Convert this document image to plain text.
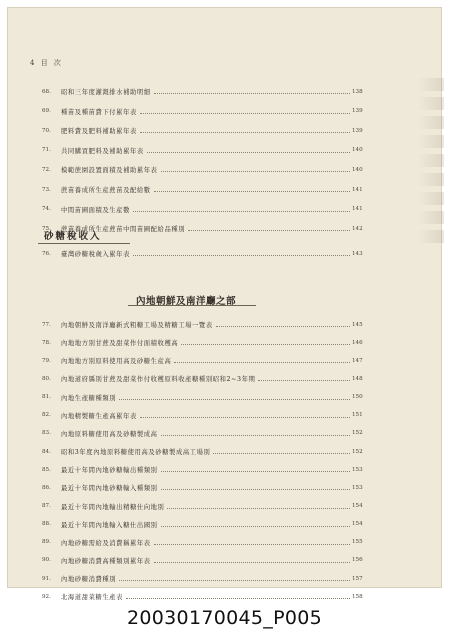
4 目 次
68.	昭和三年度灌漑排水補助明細	138
69.	種苗及種苗費下付累年表	139
70.	肥料費及肥料補助累年表	139
71.	共同購買肥料及補助累年表	140
72.	模範蔗園設置面積及補助累年表	140
73.	蔗苗養成所生産蔗苗及配給數	141
74.	中間苗圃面積及生産數	141
75.	蔗苗養成所生産蔗苗中間苗圃配給品種別	142
砂糖稅收入
76.	臺灣砂糖稅歲入累年表	143
內地朝鮮及南洋廳之部
77.	內地朝鮮及南洋廳新式粗糖工場及精糖工場一覽表	145
78.	內地地方別甘蔗及甜菜作付面積收穫高	146
79.	內地地方別原料使用高及砂糖生産高	147
80.	內地道府縣別甘蔗及甜菜作付收穫原料收產糖種別昭和2~3年期	148
81.	內地生產糖種類別	150
82.	內地精製糖生產高累年表	151
83.	內地原料糖使用高及砂糖製成高	152
84.	昭和3年度內地原料糖使用高及砂糖製成高工場別	152
85.	最近十年間內地砂糖輸出種類別	153
86.	最近十年間內地砂糖輸入種類別	153
87.	最近十年間內地輸出精糖仕向地別	154
88.	最近十年間內地輸入糖仕出國別	154
89.	內地砂糖需給及消費稱累年表	155
90.	內地砂糖消費高種類別累年表	156
91.	內地砂糖消費種別	157
92.	北海道甜菜糖生產表	158
20030170045_P005
